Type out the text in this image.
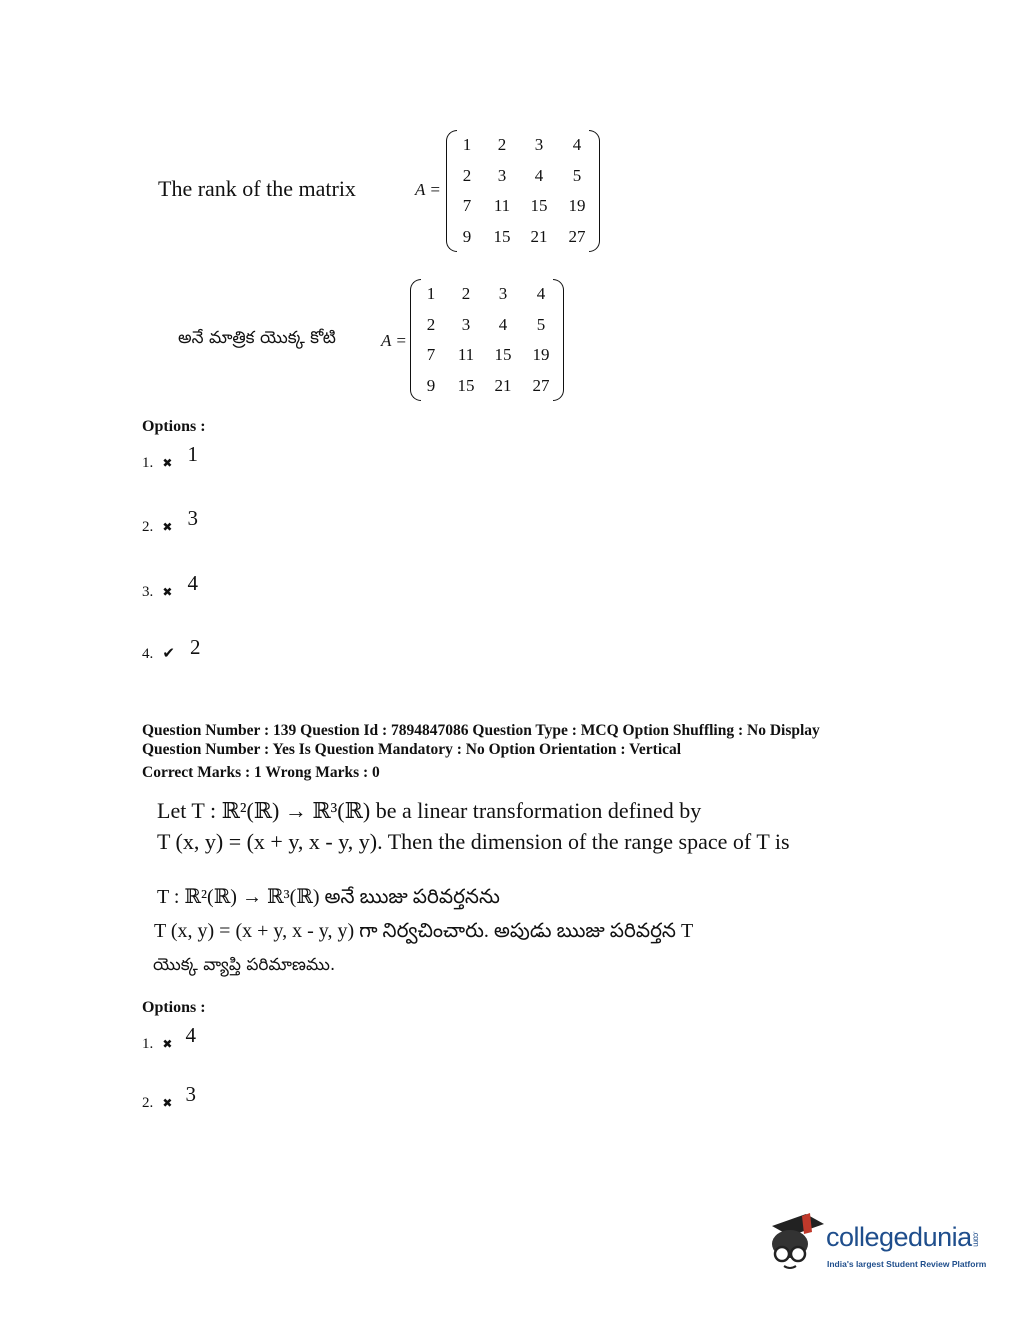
The rank of the matrix	A =
1	2	3	4
2	3	4	5
7	11	15	19
9	15	21	27
అనే మాత్రిక యొక్క కోటి	A =
1	2	3	4
2	3	4	5
7	11	15	19
9	15	21	27
Options :
1. ✖ 1
2. ✖ 3
3. ✖ 4
4. ✔ 2
Question Number : 139 Question Id : 7894847086 Question Type : MCQ Option Shuffling : No Display
Question Number : Yes Is Question Mandatory : No Option Orientation : Vertical
Correct Marks : 1 Wrong Marks : 0
Let T : ℝ²(ℝ) → ℝ³(ℝ) be a linear transformation defined by
T (x, y) = (x + y, x - y, y). Then the dimension of the range space of T is
T : ℝ²(ℝ) → ℝ³(ℝ) అనే ఋజు పరివర్తనను
T (x, y) = (x + y, x - y, y) గా నిర్వచించారు. అపుడు ఋజు పరివర్తన T
యొక్క వ్యాప్తి పరిమాణము.
Options :
1. ✖ 4
2. ✖ 3
collegedunia.com
India's largest Student Review Platform
